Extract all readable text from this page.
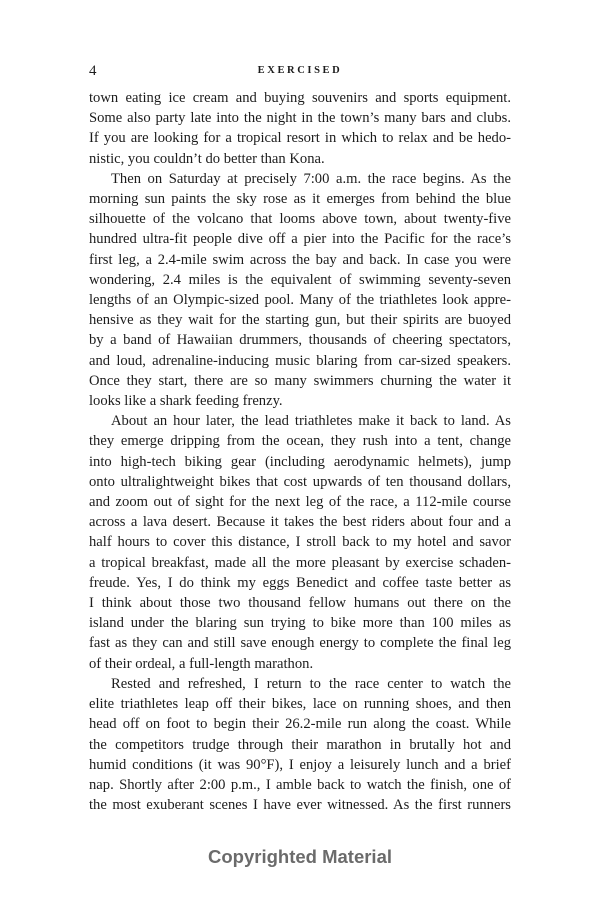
4	EXERCISED

town eating ice cream and buying souvenirs and sports equipment.
Some also party late into the night in the town’s many bars and clubs.
If you are looking for a tropical resort in which to relax and be hedo-
nistic, you couldn’t do better than Kona.

Then on Saturday at precisely 7:00 a.m. the race begins. As the
morning sun paints the sky rose as it emerges from behind the blue
silhouette of the volcano that looms above town, about twenty-five
hundred ultra-fit people dive off a pier into the Pacific for the race’s
first leg, a 2.4-mile swim across the bay and back. In case you were
wondering, 2.4 miles is the equivalent of swimming seventy-seven
lengths of an Olympic-sized pool. Many of the triathletes look appre-
hensive as they wait for the starting gun, but their spirits are buoyed
by a band of Hawaiian drummers, thousands of cheering spectators,
and loud, adrenaline-inducing music blaring from car-sized speakers.
Once they start, there are so many swimmers churning the water it
looks like a shark feeding frenzy.

About an hour later, the lead triathletes make it back to land. As
they emerge dripping from the ocean, they rush into a tent, change
into high-tech biking gear (including aerodynamic helmets), jump
onto ultralightweight bikes that cost upwards of ten thousand dollars,
and zoom out of sight for the next leg of the race, a 112-mile course
across a lava desert. Because it takes the best riders about four and a
half hours to cover this distance, I stroll back to my hotel and savor
a tropical breakfast, made all the more pleasant by exercise schaden-
freude. Yes, I do think my eggs Benedict and coffee taste better as
I think about those two thousand fellow humans out there on the
island under the blaring sun trying to bike more than 100 miles as
fast as they can and still save enough energy to complete the final leg
of their ordeal, a full-length marathon.

Rested and refreshed, I return to the race center to watch the
elite triathletes leap off their bikes, lace on running shoes, and then
head off on foot to begin their 26.2-mile run along the coast. While
the competitors trudge through their marathon in brutally hot and
humid conditions (it was 90°F), I enjoy a leisurely lunch and a brief
nap. Shortly after 2:00 p.m., I amble back to watch the finish, one of
the most exuberant scenes I have ever witnessed. As the first runners

Copyrighted Material
